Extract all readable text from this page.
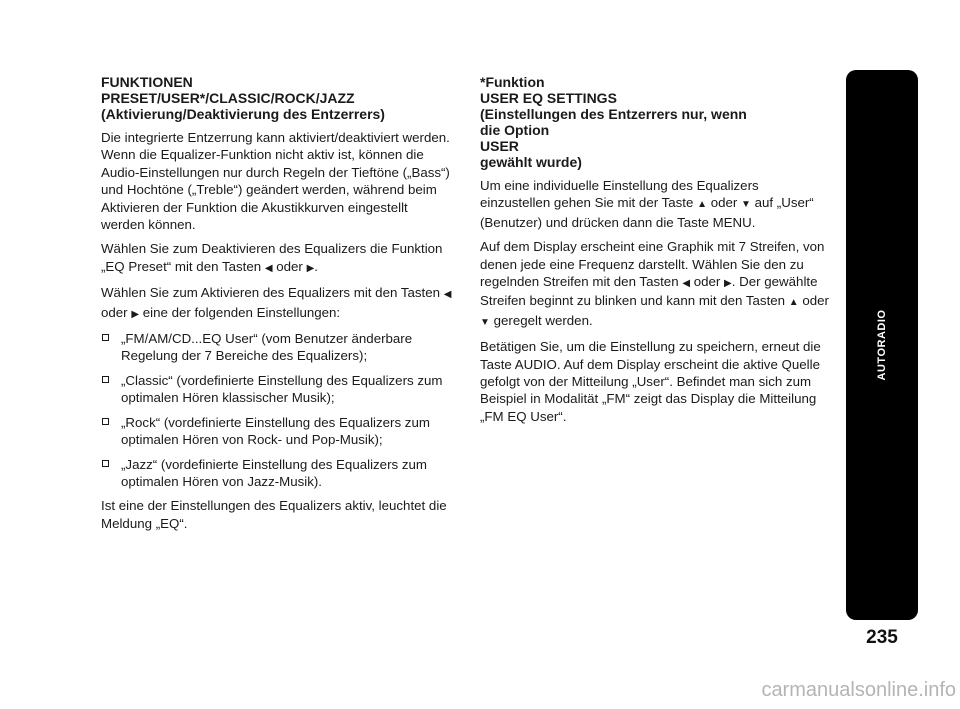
FUNKTIONEN
PRESET/USER*/CLASSIC/ROCK/JAZZ
(Aktivierung/Deaktivierung des Entzerrers)

Die integrierte Entzerrung kann aktiviert/deaktiviert werden. Wenn die Equalizer-Funktion nicht aktiv ist, können die Audio-Einstellungen nur durch Regeln der Tieftöne („Bass“) und Hochtöne („Treble“) geändert werden, während beim Aktivieren der Funktion die Akustikkurven eingestellt werden können.

Wählen Sie zum Deaktivieren des Equalizers die Funktion „EQ Preset“ mit den Tasten ◀ oder ▶.

Wählen Sie zum Aktivieren des Equalizers mit den Tasten ◀ oder ▶ eine der folgenden Einstellungen:

„FM/AM/CD...EQ User“ (vom Benutzer änderbare Regelung der 7 Bereiche des Equalizers);
„Classic“ (vordefinierte Einstellung des Equalizers zum optimalen Hören klassischer Musik);
„Rock“ (vordefinierte Einstellung des Equalizers zum optimalen Hören von Rock- und Pop-Musik);
„Jazz“ (vordefinierte Einstellung des Equalizers zum optimalen Hören von Jazz-Musik).

Ist eine der Einstellungen des Equalizers aktiv, leuchtet die Meldung „EQ“.

*Funktion
USER EQ SETTINGS
(Einstellungen des Entzerrers nur, wenn
die Option
USER
gewählt wurde)

Um eine individuelle Einstellung des Equalizers einzustellen gehen Sie mit der Taste ▲ oder ▼ auf „User“ (Benutzer) und drücken dann die Taste MENU.

Auf dem Display erscheint eine Graphik mit 7 Streifen, von denen jede eine Frequenz darstellt. Wählen Sie den zu regelnden Streifen mit den Tasten ◀ oder ▶. Der gewählte Streifen beginnt zu blinken und kann mit den Tasten ▲ oder ▼ geregelt werden.

Betätigen Sie, um die Einstellung zu speichern, erneut die Taste AUDIO. Auf dem Display erscheint die aktive Quelle gefolgt von der Mitteilung „User“. Befindet man sich zum Beispiel in Modalität „FM“ zeigt das Display die Mitteilung „FM EQ User“.

AUTORADIO
235
carmanualsonline.info
